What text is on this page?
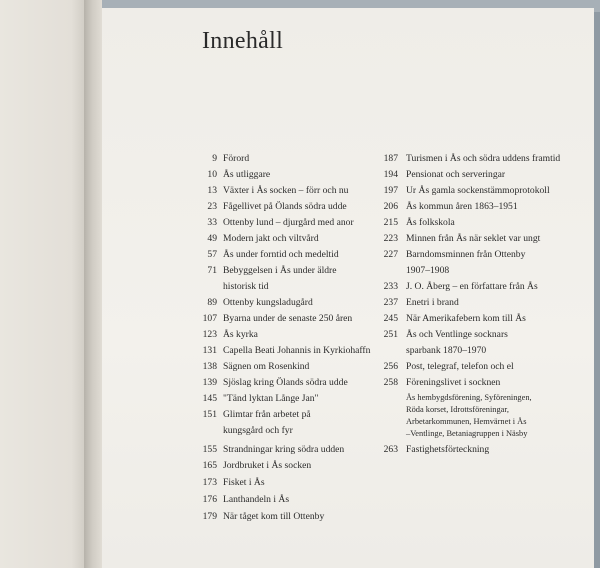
Innehåll
9 Förord
10 Ås utliggare
13 Växter i Ås socken – förr och nu
23 Fågellivet på Ölands södra udde
33 Ottenby lund – djurgård med anor
49 Modern jakt och viltvård
57 Ås under forntid och medeltid
71 Bebyggelsen i Ås under äldre
historisk tid
89 Ottenby kungsladugård
107 Byarna under de senaste 250 åren
123 Ås kyrka
131 Capella Beati Johannis in Kyrkiohaffn
138 Sägnen om Rosenkind
139 Sjöslag kring Ölands södra udde
145 "Tänd lyktan Långe Jan"
151 Glimtar från arbetet på
kungsgård och fyr
155 Strandningar kring södra udden
165 Jordbruket i Ås socken
173 Fisket i Ås
176 Lanthandeln i Ås
179 När tåget kom till Ottenby
187 Turismen i Ås och södra uddens framtid
194 Pensionat och serveringar
197 Ur Ås gamla sockenstämmoprotokoll
206 Ås kommun åren 1863–1951
215 Ås folkskola
223 Minnen från Ås när seklet var ungt
227 Barndomsminnen från Ottenby
1907–1908
233 J. O. Åberg – en författare från Ås
237 Enetri i brand
245 När Amerikafebern kom till Ås
251 Ås och Ventlinge socknars
sparbank 1870–1970
256 Post, telegraf, telefon och el
258 Föreningslivet i socknen
Ås hembygdsförening, Syföreningen,
Röda korset, Idrottsföreningar,
Arbetarkommunen, Hemvärnet i Ås
–Ventlinge, Betaniagruppen i Näsby
263 Fastighetsförteckning
